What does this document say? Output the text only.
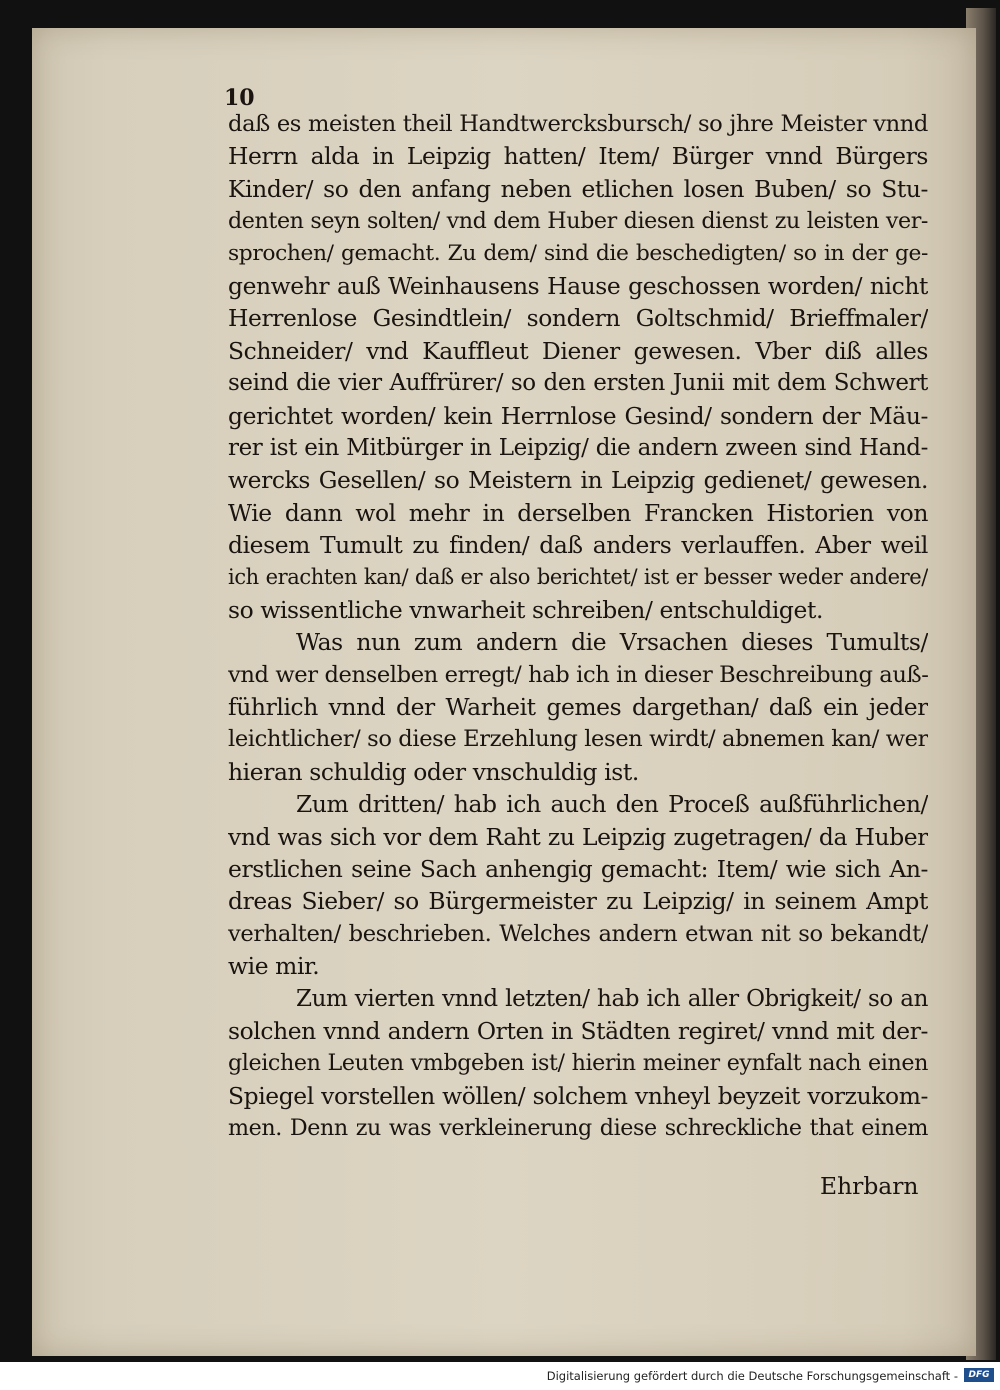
10
daß es meisten theil Handtwercksbursch/ so jhre Meister vnnd
Herrn alda in Leipzig hatten/ Item/ Bürger vnnd Bürgers
Kinder/ so den anfang neben etlichen losen Buben/ so Stu-
denten seyn solten/ vnd dem Huber diesen dienst zu leisten ver-
sprochen/ gemacht. Zu dem/ sind die beschedigten/ so in der ge-
genwehr auß Weinhausens Hause geschossen worden/ nicht
Herrenlose Gesindtlein/ sondern Goltschmid/ Brieffmaler/
Schneider/ vnd Kauffleut Diener gewesen. Vber diß alles
seind die vier Auffrürer/ so den ersten Junii mit dem Schwert
gerichtet worden/ kein Herrnlose Gesind/ sondern der Mäu-
rer ist ein Mitbürger in Leipzig/ die andern zween sind Hand-
wercks Gesellen/ so Meistern in Leipzig gedienet/ gewesen.
Wie dann wol mehr in derselben Francken Historien von
diesem Tumult zu finden/ daß anders verlauffen. Aber weil
ich erachten kan/ daß er also berichtet/ ist er besser weder andere/
so wissentliche vnwarheit schreiben/ entschuldiget.
Was nun zum andern die Vrsachen dieses Tumults/
vnd wer denselben erregt/ hab ich in dieser Beschreibung auß-
führlich vnnd der Warheit gemes dargethan/ daß ein jeder
leichtlicher/ so diese Erzehlung lesen wirdt/ abnemen kan/ wer
hieran schuldig oder vnschuldig ist.
Zum dritten/ hab ich auch den Proceß außführlichen/
vnd was sich vor dem Raht zu Leipzig zugetragen/ da Huber
erstlichen seine Sach anhengig gemacht: Item/ wie sich An-
dreas Sieber/ so Bürgermeister zu Leipzig/ in seinem Ampt
verhalten/ beschrieben. Welches andern etwan nit so bekandt/
wie mir.
Zum vierten vnnd letzten/ hab ich aller Obrigkeit/ so an
solchen vnnd andern Orten in Städten regiret/ vnnd mit der-
gleichen Leuten vmbgeben ist/ hierin meiner eynfalt nach einen
Spiegel vorstellen wöllen/ solchem vnheyl beyzeit vorzukom-
men. Denn zu was verkleinerung diese schreckliche that einem
Ehrbarn
Digitalisierung gefördert durch die Deutsche Forschungsgemeinschaft -	DFG
